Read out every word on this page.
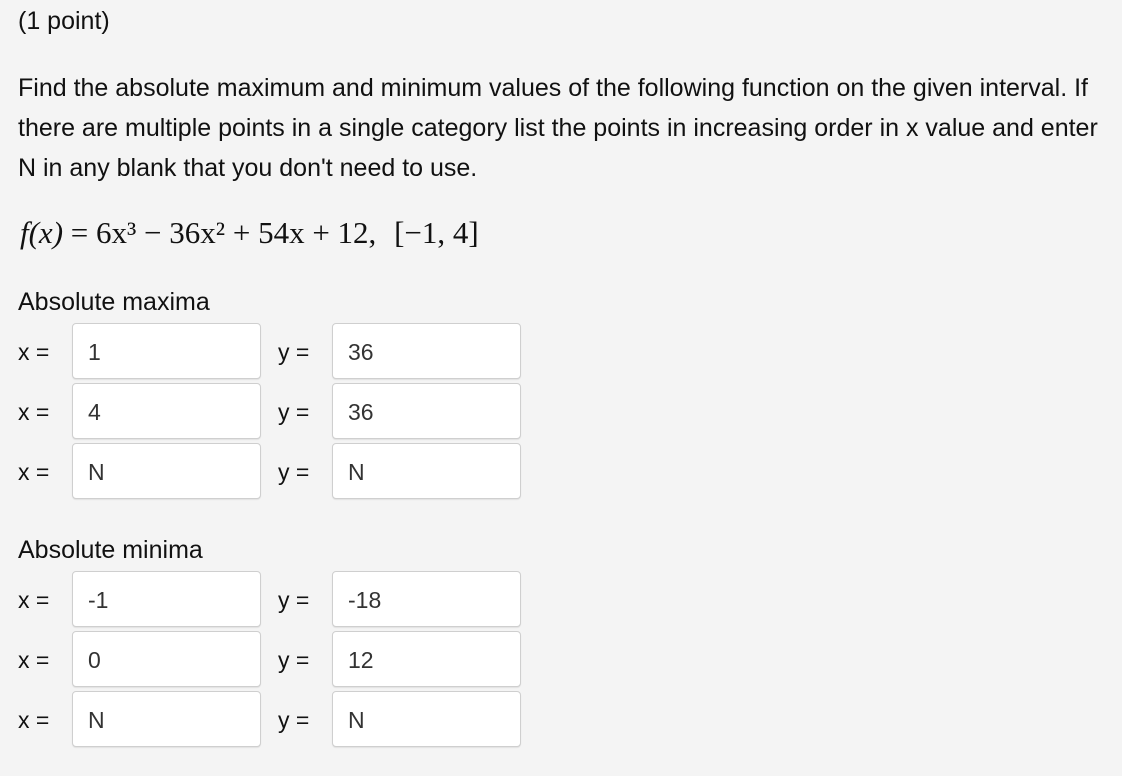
(1 point)
Find the absolute maximum and minimum values of the following function on the given interval. If there are multiple points in a single category list the points in increasing order in x value and enter N in any blank that you don't need to use.
f(x) = 6x³ − 36x² + 54x + 12, [−1, 4]
Absolute maxima
x =	1	y =	36
x =	4	y =	36
x =	N	y =	N
Absolute minima
x =	-1	y =	-18
x =	0	y =	12
x =	N	y =	N
